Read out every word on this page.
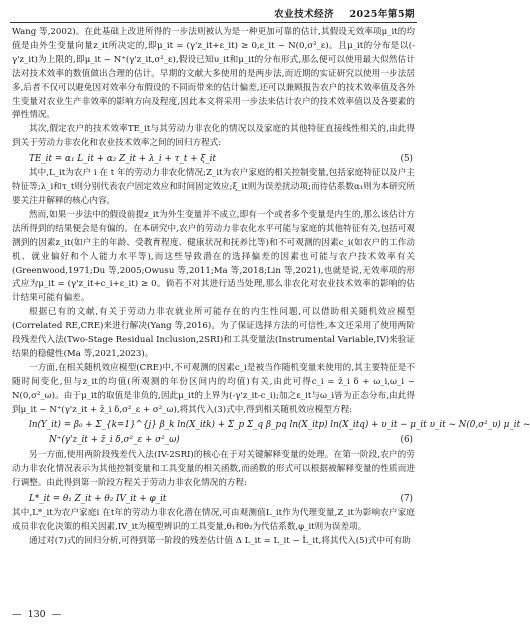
农业技术经济 2025年第5期

Wang 等,2002)。在此基础上改进所得的一步法则被认为是一种更加可靠的估计,其假设无效率项μ_it的均值是由外生变量向量z_it所决定的,即μ_it = (γ'z_it+ε_it) ≥ 0,ε_it ~ N(0,σ²_ε)。且μ_it的分布是以(-γ'z_it)为上限的,即μ_it ~ N⁺(γ'z_it,σ²_ε),假设已知υ_it和μ_it的分布形式,那么便可以使用最大似然估计法对技术效率的数值做出合理的估计。早期的文献大多使用的是两步法,而近期的实证研究以使用一步法居多,后者不仅可以避免因对效率分布假设的不同而带来的估计偏差,还可以兼顾报告农户的技术效率值及各外生变量对农业生产非效率的影响方向及程度,因此本文将采用一步法来估计农户的技术效率值以及各要素的弹性情况。

其次,假定农户的技术效率TE_it与其劳动力非农化的情况以及家庭的其他特征直接线性相关的,由此得到关于劳动力非农化和农业技术效率之间的回归方程式:

TE_it = α₁ L_it + α₂ Z_it + λ_i + τ_t + ξ_it	(5)

其中,L_it为农户 i 在 t 年的劳动力非农化情况;Z_it为农户家庭的相关控制变量,包括家庭特征以及户主特征等;λ_i和τ_t则分别代表农户固定效应和时间固定效应;ξ_it则为误差扰动项;而待估系数α₁则为本研究所要关注并解释的核心内容。

然而,如果一步法中的假设前提z_it为外生变量并不成立,即有一个或者多个变量是内生的,那么该估计方法所得到的结果便会是有偏的。在本研究中,农户的劳动力非农化水平可能与家庭的其他特征有关,包括可观测到的因素z_it(如户主的年龄、受教育程度、健康状况和抚养比等)和不可观测的因素c_i(如农户的工作动机、就业偏好和个人能力水平等),而这些导致潜在的选择偏差的因素也可能与农户技术效率有关(Greenwood,1971;Du 等,2005;Owusu 等,2011;Ma 等,2018;Lin 等,2021),也就是说,无效率项的形式应为μ_it = (γ'z_it+c_i+ε_it) ≥ 0。倘若不对其进行适当处理,那么非农化对农业技术效率的影响的估计结果可能有偏差。

根据已有的文献,有关于劳动力非农就业所可能存在的内生性问题,可以借助相关随机效应模型(Correlated RE,CRE)来进行解决(Yang 等,2016)。为了保证选择方法的可信性,本文还采用了使用两阶段残差代入法(Two-Stage Residual Inclusion,2SRI)和工具变量法(Instrumental Variable,IV)来验证结果的稳健性(Ma 等,2021,2023)。

一方面,在相关随机效应模型(CRE)中,不可观测的因素c_i是被当作随机变量来使用的,其主要特征是不随时间变化,但与z_it的均值(所观测的年份区间内的均值)有关,由此可得c_i = z̄_i δ + ω_i,ω_i ~ N(0,σ²_ω)。由于μ_it的取值是非负的,因此μ_it的上界为(-γ'z_it-c_i);加之ε_it与ω_i皆为正态分布,由此得到μ_it ~ N⁺(γ'z_it + z̄_i δ,σ²_ε + σ²_ω),将其代入(3)式中,得到相关随机效应模型方程:

ln(Y_it) = β₀ + Σ_{k=1}^{j} β_k ln(X_itk) + Σ_p Σ_q β_pq ln(X_itp) ln(X_itq) + υ_it − μ_it υ_it ~ N(0,σ²_υ) μ_it ~
N⁺(γ'z_it + z̄_i δ,σ²_ε + σ²_ω)	(6)

另一方面,使用两阶段残差代入法(IV-2SRI)的核心在于对关键解释变量的处理。在第一阶段,农户的劳动力非农化情况表示为其他控制变量和工具变量的相关函数,而函数的形式可以根据被解释变量的性质而进行调整。由此得到第一阶段方程关于劳动力非农化情况的方程:

L*_it = θ₁ Z_it + θ₂ IV_it + φ_it	(7)

其中,L*_it为农户家庭i 在t年的劳动力非农化潜在情况,可由观测值L_it作为代理变量,Z_it为影响农户家庭成员非农化决策的相关因素,IV_it为模型辨识的工具变量,θ₁和θ₂为代估系数,φ_it则为误差项。

通过对(7)式的回归分析,可得到第一阶段的残差估计值 Δ L_it = L_it − L̂_it,将其代入(5)式中可有助

—  130  —
